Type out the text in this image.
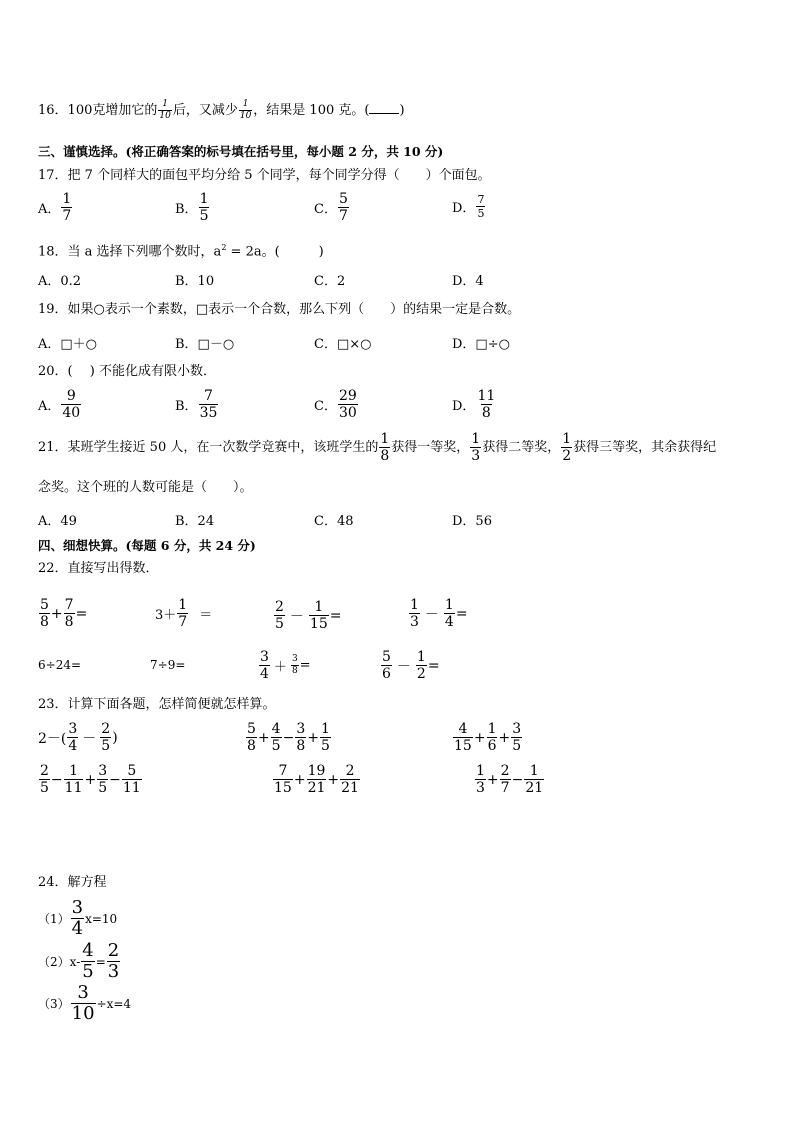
16．100克增加它的 $\frac{1}{10}$ 后，又减少 $\frac{1}{10}$ ，结果是 100 克。( )
三、谨慎选择。(将正确答案的标号填在括号里，每小题 2 分，共 10 分)
17．把 7 个同样大的面包平均分给 5 个同学，每个同学分得（　　）个面包。
A． $\frac{1}{7}$	B． $\frac{1}{5}$	C． $\frac{5}{7}$	D． $\frac{7}{5}$
18．当 a 选择下列哪个数时，$a^2 = 2a$。(　　　)
A．0.2	B．10	C．2	D．4
19．如果○表示一个素数，□表示一个合数，那么下列（　　）的结果一定是合数。
A．□＋○	B．□－○	C．□×○	D．□÷○
20．(　 ) 不能化成有限小数．
A． $\frac{9}{40}$	B． $\frac{7}{35}$	C． $\frac{29}{30}$	D． $\frac{11}{8}$
21．某班学生接近 50 人，在一次数学竞赛中，该班学生的 $\frac{1}{8}$ 获得一等奖， $\frac{1}{3}$ 获得二等奖， $\frac{1}{2}$ 获得三等奖，其余获得纪
念奖。这个班的人数可能是（　　）。
A．49	B．24	C．48	D．56
四、细想快算。(每题 6 分，共 24 分)
22．直接写出得数．
$\frac{5}{8} + \frac{7}{8}$ =	$3+ \frac{1}{7}$ ＝	$\frac{2}{5} - \frac{1}{15}$ =	$\frac{1}{3} - \frac{1}{4}$ =
6÷24=	7÷9=	$\frac{3}{4} + \frac{3}{8}$ =	$\frac{5}{6} - \frac{1}{2}$ =
23．计算下面各题，怎样简便就怎样算。
$2-( \frac{3}{4} - \frac{2}{5}$ )	$\frac{5}{8} + \frac{4}{5} - \frac{3}{8} + \frac{1}{5}$	$\frac{4}{15} + \frac{1}{6} + \frac{3}{5}$
$\frac{2}{5} - \frac{1}{11} + \frac{3}{5} - \frac{5}{11}$	$\frac{7}{15} + \frac{19}{21} + \frac{2}{21}$	$\frac{1}{3} + \frac{2}{7} - \frac{1}{21}$
24．解方程
$(1) \frac{3}{4} x=10$
（2） $x- \frac{4}{5} = \frac{2}{3}$
$(3) \frac{3}{10} \div x=4$
